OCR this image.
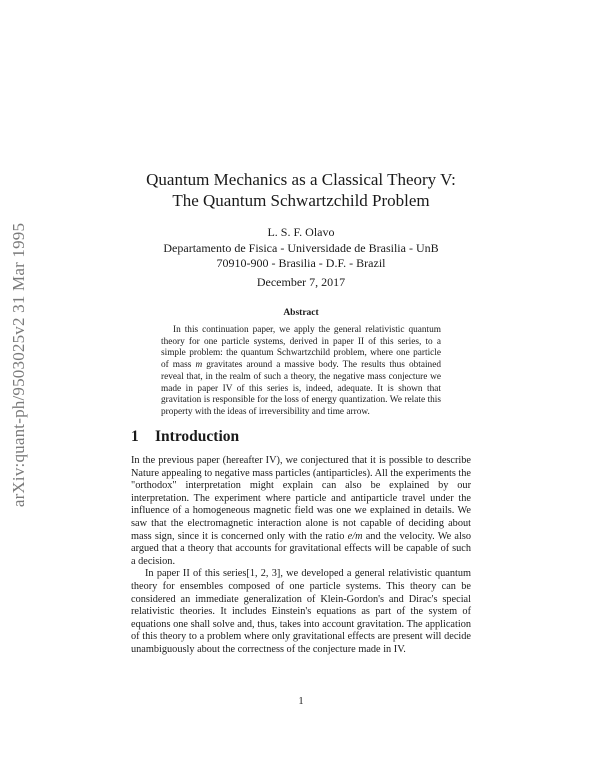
arXiv:quant-ph/9503025v2 31 Mar 1995
Quantum Mechanics as a Classical Theory V:
The Quantum Schwartzchild Problem
L. S. F. Olavo
Departamento de Fisica - Universidade de Brasilia - UnB
70910-900 - Brasilia - D.F. - Brazil
December 7, 2017
Abstract
In this continuation paper, we apply the general relativistic quantum theory for one particle systems, derived in paper II of this series, to a simple problem: the quantum Schwartzchild problem, where one particle of mass m gravitates around a massive body. The results thus obtained reveal that, in the realm of such a theory, the negative mass conjecture we made in paper IV of this series is, indeed, adequate. It is shown that gravitation is responsible for the loss of energy quantization. We relate this property with the ideas of irreversibility and time arrow.
1 Introduction

In the previous paper (hereafter IV), we conjectured that it is possible to describe Nature appealing to negative mass particles (antiparticles). All the experiments the "orthodox" interpretation might explain can also be explained by our interpretation. The experiment where particle and antiparticle travel under the influence of a homogeneous magnetic field was one we explained in details. We saw that the electromagnetic interaction alone is not capable of deciding about mass sign, since it is concerned only with the ratio e/m and the velocity. We also argued that a theory that accounts for gravitational effects will be capable of such a decision.

In paper II of this series[1, 2, 3], we developed a general relativistic quantum theory for ensembles composed of one particle systems. This theory can be considered an immediate generalization of Klein-Gordon's and Dirac's special relativistic theories. It includes Einstein's equations as part of the system of equations one shall solve and, thus, takes into account gravitation. The application of this theory to a problem where only gravitational effects are present will decide unambiguously about the correctness of the conjecture made in IV.

1
